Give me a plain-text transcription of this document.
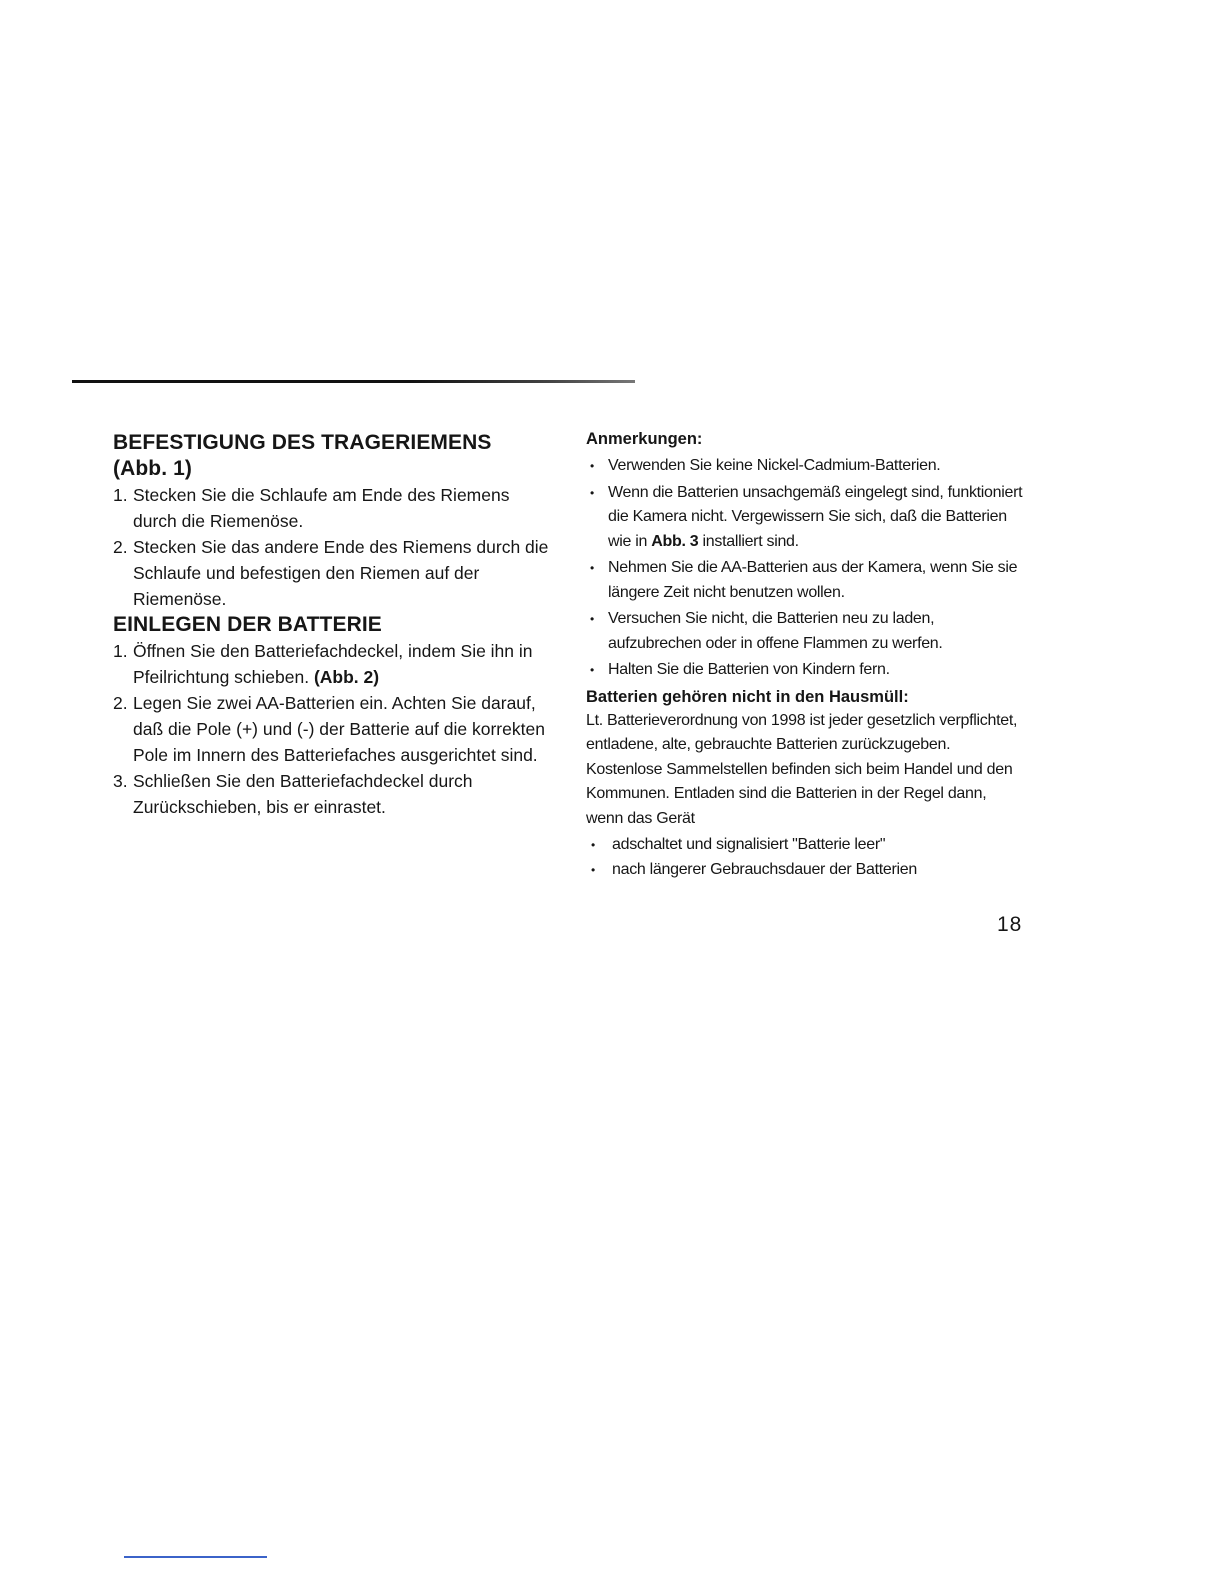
BEFESTIGUNG DES TRAGERIEMENS
(Abb. 1)
1. Stecken Sie die Schlaufe am Ende des Riemens durch die Riemenöse.
2. Stecken Sie das andere Ende des Riemens durch die Schlaufe und befestigen den Riemen auf der Riemenöse.
EINLEGEN DER BATTERIE
1. Öffnen Sie den Batteriefachdeckel, indem Sie ihn in Pfeilrichtung schieben. (Abb. 2)
2. Legen Sie zwei AA-Batterien ein. Achten Sie darauf, daß die Pole (+) und (-) der Batterie auf die korrekten Pole im Innern des Batteriefaches ausgerichtet sind.
3. Schließen Sie den Batteriefachdeckel durch Zurückschieben, bis er einrastet.

Anmerkungen:

• Verwenden Sie keine Nickel-Cadmium-Batterien.
• Wenn die Batterien unsachgemäß eingelegt sind, funktioniert die Kamera nicht. Vergewissern Sie sich, daß die Batterien wie in Abb. 3 installiert sind.
• Nehmen Sie die AA-Batterien aus der Kamera, wenn Sie sie längere Zeit nicht benutzen wollen.
• Versuchen Sie nicht, die Batterien neu zu laden, aufzubrechen oder in offene Flammen zu werfen.
• Halten Sie die Batterien von Kindern fern.

Batterien gehören nicht in den Hausmüll:

Lt. Batterieverordnung von 1998 ist jeder gesetzlich verpflichtet, entladene, alte, gebrauchte Batterien zurückzugeben. Kostenlose Sammelstellen befinden sich beim Handel und den Kommunen. Entladen sind die Batterien in der Regel dann, wenn das Gerät

•	adschaltet und signalisiert "Batterie leer"
•	nach längerer Gebrauchsdauer der Batterien
18
